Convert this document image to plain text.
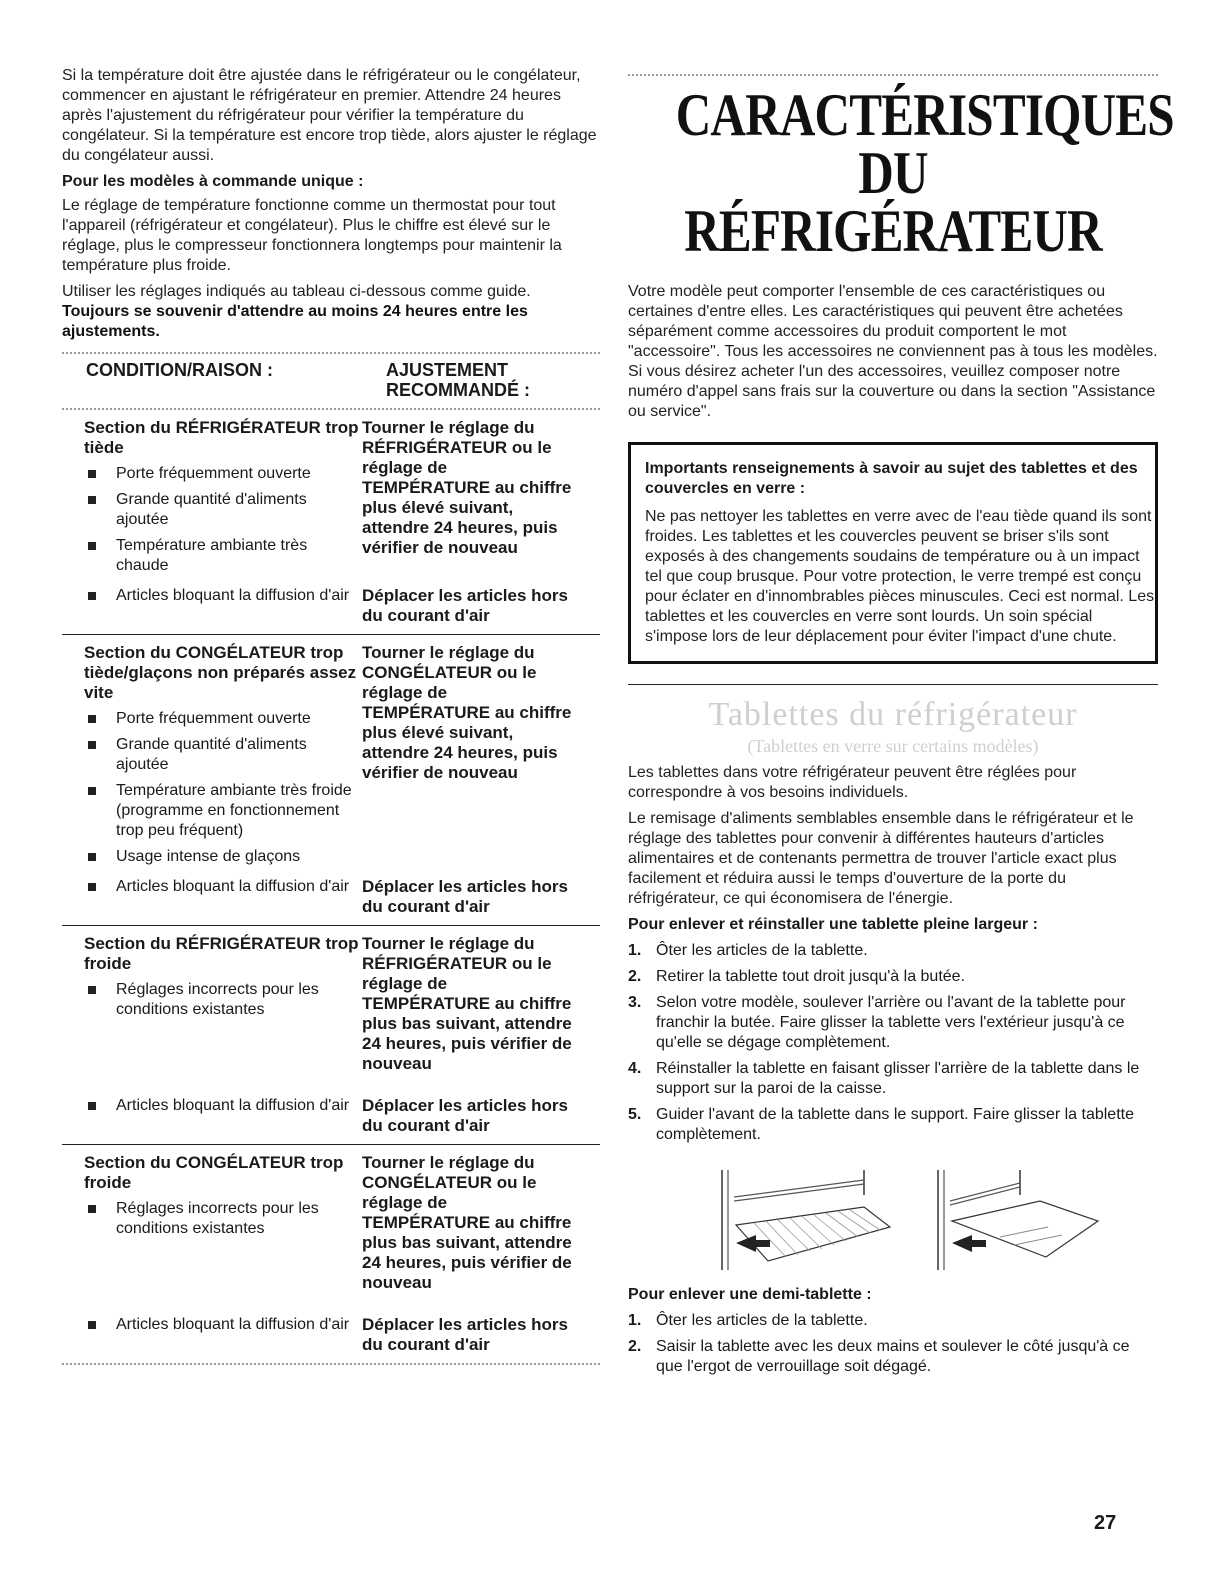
Si la température doit être ajustée dans le réfrigérateur ou le congélateur, commencer en ajustant le réfrigérateur en premier. Attendre 24 heures après l'ajustement du réfrigérateur pour vérifier la température du congélateur. Si la température est encore trop tiède, alors ajuster le réglage du congélateur aussi.

Pour les modèles à commande unique :

Le réglage de température fonctionne comme un thermostat pour tout l'appareil (réfrigérateur et congélateur). Plus le chiffre est élevé sur le réglage, plus le compresseur fonctionnera longtemps pour maintenir la température plus froide.

Utiliser les réglages indiqués au tableau ci-dessous comme guide. Toujours se souvenir d'attendre au moins 24 heures entre les ajustements.

CONDITION/RAISON :	AJUSTEMENT RECOMMANDÉ :
Section du RÉFRIGÉRATEUR trop tiède
Porte fréquemment ouverte
Grande quantité d'aliments ajoutée
Température ambiante très chaude
Tourner le réglage du RÉFRIGÉRATEUR ou le réglage de TEMPÉRATURE au chiffre plus élevé suivant, attendre 24 heures, puis vérifier de nouveau
Articles bloquant la diffusion d'air Déplacer les articles hors du courant d'air
Section du CONGÉLATEUR trop tiède/glaçons non préparés assez vite
Porte fréquemment ouverte
Grande quantité d'aliments ajoutée
Température ambiante très froide (programme en fonctionnement trop peu fréquent)
Usage intense de glaçons
Tourner le réglage du CONGÉLATEUR ou le réglage de TEMPÉRATURE au chiffre plus élevé suivant, attendre 24 heures, puis vérifier de nouveau
Articles bloquant la diffusion d'air Déplacer les articles hors du courant d'air
Section du RÉFRIGÉRATEUR trop froide
Réglages incorrects pour les conditions existantes
Tourner le réglage du RÉFRIGÉRATEUR ou le réglage de TEMPÉRATURE au chiffre plus bas suivant, attendre 24 heures, puis vérifier de nouveau
Articles bloquant la diffusion d'air Déplacer les articles hors du courant d'air
Section du CONGÉLATEUR trop froide
Réglages incorrects pour les conditions existantes
Tourner le réglage du CONGÉLATEUR ou le réglage de TEMPÉRATURE au chiffre plus bas suivant, attendre 24 heures, puis vérifier de nouveau
Articles bloquant la diffusion d'air Déplacer les articles hors du courant d'air
CARACTÉRISTIQUES DU
RÉFRIGÉRATEUR

Votre modèle peut comporter l'ensemble de ces caractéristiques ou certaines d'entre elles. Les caractéristiques qui peuvent être achetées séparément comme accessoires du produit comportent le mot "accessoire". Tous les accessoires ne conviennent pas à tous les modèles. Si vous désirez acheter l'un des accessoires, veuillez composer notre numéro d'appel sans frais sur la couverture ou dans la section "Assistance ou service".

Importants renseignements à savoir au sujet des tablettes et des couvercles en verre :

Ne pas nettoyer les tablettes en verre avec de l'eau tiède quand ils sont froides. Les tablettes et les couvercles peuvent se briser s'ils sont exposés à des changements soudains de température ou à un impact tel que coup brusque. Pour votre protection, le verre trempé est conçu pour éclater en d'innombrables pièces minuscules. Ceci est normal. Les tablettes et les couvercles en verre sont lourds. Un soin spécial s'impose lors de leur déplacement pour éviter l'impact d'une chute.

Tablettes du réfrigérateur
(Tablettes en verre sur certains modèles)

Les tablettes dans votre réfrigérateur peuvent être réglées pour correspondre à vos besoins individuels.

Le remisage d'aliments semblables ensemble dans le réfrigérateur et le réglage des tablettes pour convenir à différentes hauteurs d'articles alimentaires et de contenants permettra de trouver l'article exact plus facilement et réduira aussi le temps d'ouverture de la porte du réfrigérateur, ce qui économisera de l'énergie.

Pour enlever et réinstaller une tablette pleine largeur :

1. Ôter les articles de la tablette.
2. Retirer la tablette tout droit jusqu'à la butée.
3. Selon votre modèle, soulever l'arrière ou l'avant de la tablette pour franchir la butée. Faire glisser la tablette vers l'extérieur jusqu'à ce qu'elle se dégage complètement.
4. Réinstaller la tablette en faisant glisser l'arrière de la tablette dans le support sur la paroi de la caisse.
5. Guider l'avant de la tablette dans le support. Faire glisser la tablette complètement.

Pour enlever une demi-tablette :

1. Ôter les articles de la tablette.
2. Saisir la tablette avec les deux mains et soulever le côté jusqu'à ce que l'ergot de verrouillage soit dégagé.
27
